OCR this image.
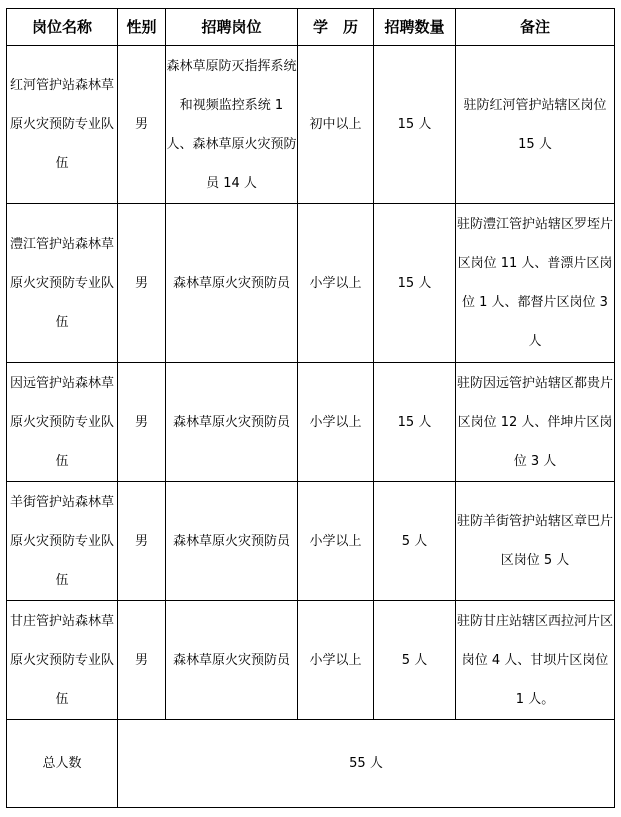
岗位名称	性别	招聘岗位	学　历	招聘数量	备注
红河管护站森林草原火灾预防专业队伍	男	森林草原防灭指挥系统和视频监控系统 1 人、森林草原火灾预防员 14 人	初中以上	15 人	驻防红河管护站辖区岗位 15 人
澧江管护站森林草原火灾预防专业队伍	男	森林草原火灾预防员	小学以上	15 人	驻防澧江管护站辖区罗垤片区岗位 11 人、普漂片区岗位 1 人、都督片区岗位 3 人
因远管护站森林草原火灾预防专业队伍	男	森林草原火灾预防员	小学以上	15 人	驻防因远管护站辖区都贵片区岗位 12 人、伴坤片区岗位 3 人
羊街管护站森林草原火灾预防专业队伍	男	森林草原火灾预防员	小学以上	5 人	驻防羊街管护站辖区章巴片区岗位 5 人
甘庄管护站森林草原火灾预防专业队伍	男	森林草原火灾预防员	小学以上	5 人	驻防甘庄站辖区西拉河片区岗位 4 人、甘坝片区岗位 1 人。
总人数	55 人				
